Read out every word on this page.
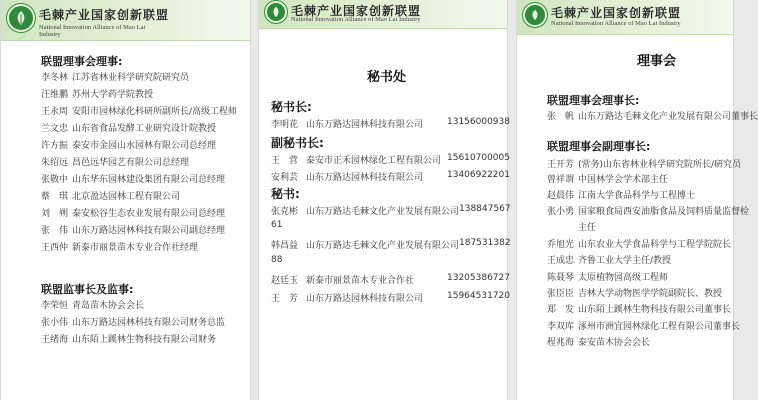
毛棘产业国家创新联盟
National Innovation Alliance of Mao Lai Industry
联盟理事会理事:
李冬林 江苏省林业科学研究院研究员
汪维鹏 苏州大学药学院教授
王永周 安阳市园林绿化科研所副所长/高级工程师
兰文忠 山东省食品发酵工业研究设计院教授
许方振 泰安市金园山水园林有限公司总经理
朱绍远 昌邑远华园艺有限公司总经理
张敬中 山东华东园林建设集团有限公司总经理
蔡　琪 北京盈达园林工程有限公司
刘　朔 泰安松谷生态农业发展有限公司总经理
张　伟 山东万路达园林科技有限公司副总经理
王西仲 新泰市丽景苗木专业合作社经理
联盟监事长及监事:
李荣恒 青岛苗木协会会长
张小伟 山东万路达园林科技有限公司财务总监
王绪海 山东陌上蹊林生物科技有限公司财务
毛棘产业国家创新联盟
National Innovation Alliance of Mao Lai Industry
秘书处
秘书长:
李明花 山东万路达园林科技有限公司	13156000938
副秘书长:
王　营 泰安市正禾园林绿化工程有限公司 15610700005
安利芸 山东万路达园林科技有限公司	13406922201
秘书:
张克彬 山东万路达毛棘文化产业发展有限公司 138847567
61
韩昌益 山东万路达毛棘文化产业发展有限公司 187531382
88
赵廷玉 新泰市丽景苗木专业合作社	13205386727
王　芳 山东万路达园林科技有限公司	15964531720
毛棘产业国家创新联盟
National Innovation Alliance of Mao Lai Industry
理事会
联盟理事会理事长:
张　帆 山东万路达毛棘文化产业发展有限公司董事长
联盟理事会副理事长:
王开芳 (常务)山东省林业科学研究院所长/研究员
曾祥谓 中国林学会学术部主任
赵晨伟 江南大学食品科学与工程博士
张小勇 国家粮食局西安油脂食品及饲料质量监督检
主任
乔旭光 山东农业大学食品科学与工程学院院长
王成忠 齐鲁工业大学主任/教授
陈聂琴 太原植物园高级工程师
张臣臣 吉林大学动物医学学院副院长、教授
郑　发 山东陌上蹊林生物科技有限公司董事长
李双库 涿州市洲宜园林绿化工程有限公司董事长
程兆海 泰安苗木协会会长
